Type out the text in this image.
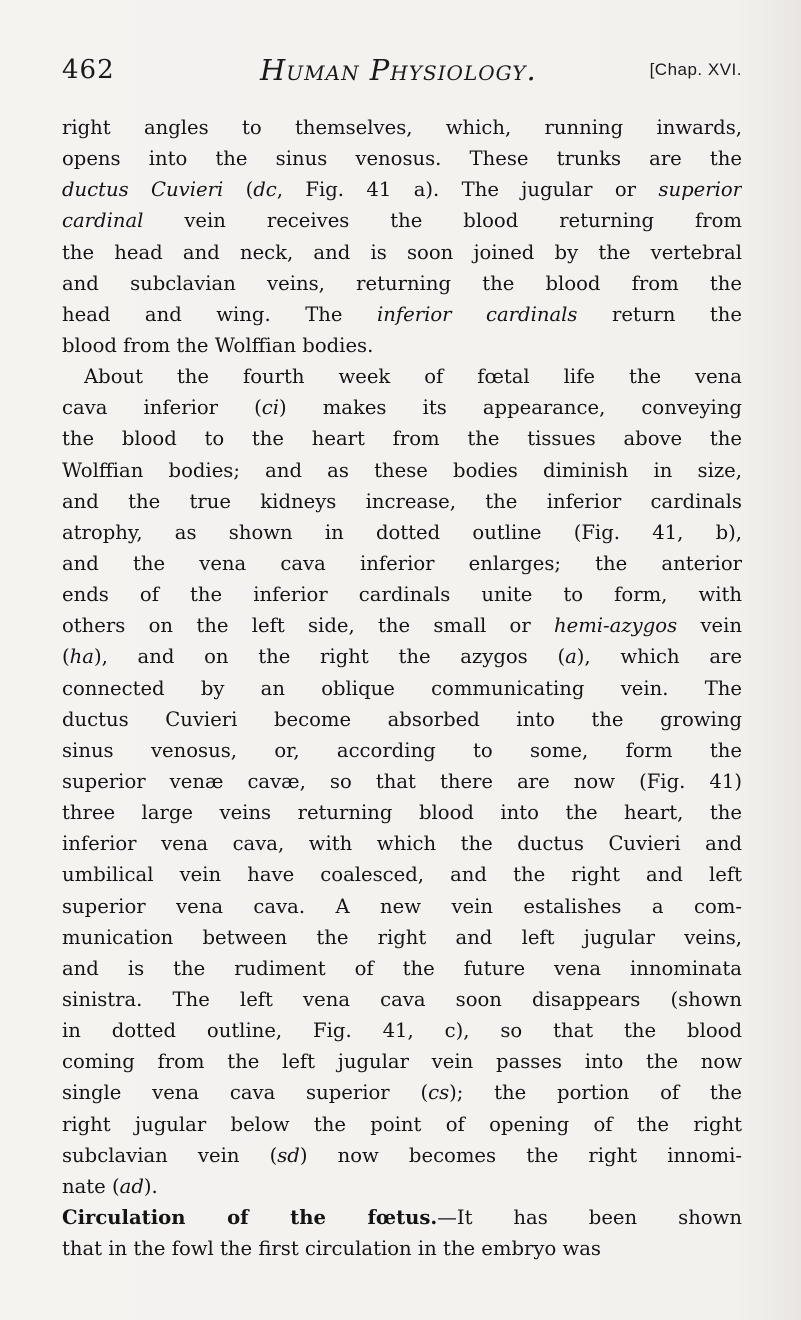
462	Human Physiology.	[Chap. XVI.
right angles to themselves, which, running inwards,
opens into the sinus venosus. These trunks are the
ductus Cuvieri (dc, Fig. 41 a). The jugular or superior
cardinal vein receives the blood returning from
the head and neck, and is soon joined by the vertebral
and subclavian veins, returning the blood from the
head and wing. The inferior cardinals return the
blood from the Wolffian bodies.
About the fourth week of fœtal life the vena
cava inferior (ci) makes its appearance, conveying
the blood to the heart from the tissues above the
Wolffian bodies; and as these bodies diminish in size,
and the true kidneys increase, the inferior cardinals
atrophy, as shown in dotted outline (Fig. 41, b),
and the vena cava inferior enlarges; the anterior
ends of the inferior cardinals unite to form, with
others on the left side, the small or hemi-azygos vein
(ha), and on the right the azygos (a), which are
connected by an oblique communicating vein. The
ductus Cuvieri become absorbed into the growing
sinus venosus, or, according to some, form the
superior venæ cavæ, so that there are now (Fig. 41)
three large veins returning blood into the heart, the
inferior vena cava, with which the ductus Cuvieri and
umbilical vein have coalesced, and the right and left
superior vena cava. A new vein estalishes a com-
munication between the right and left jugular veins,
and is the rudiment of the future vena innominata
sinistra. The left vena cava soon disappears (shown
in dotted outline, Fig. 41, c), so that the blood
coming from the left jugular vein passes into the now
single vena cava superior (cs); the portion of the
right jugular below the point of opening of the right
subclavian vein (sd) now becomes the right innomi-
nate (ad).
Circulation of the fœtus.—It has been shown
that in the fowl the first circulation in the embryo was
